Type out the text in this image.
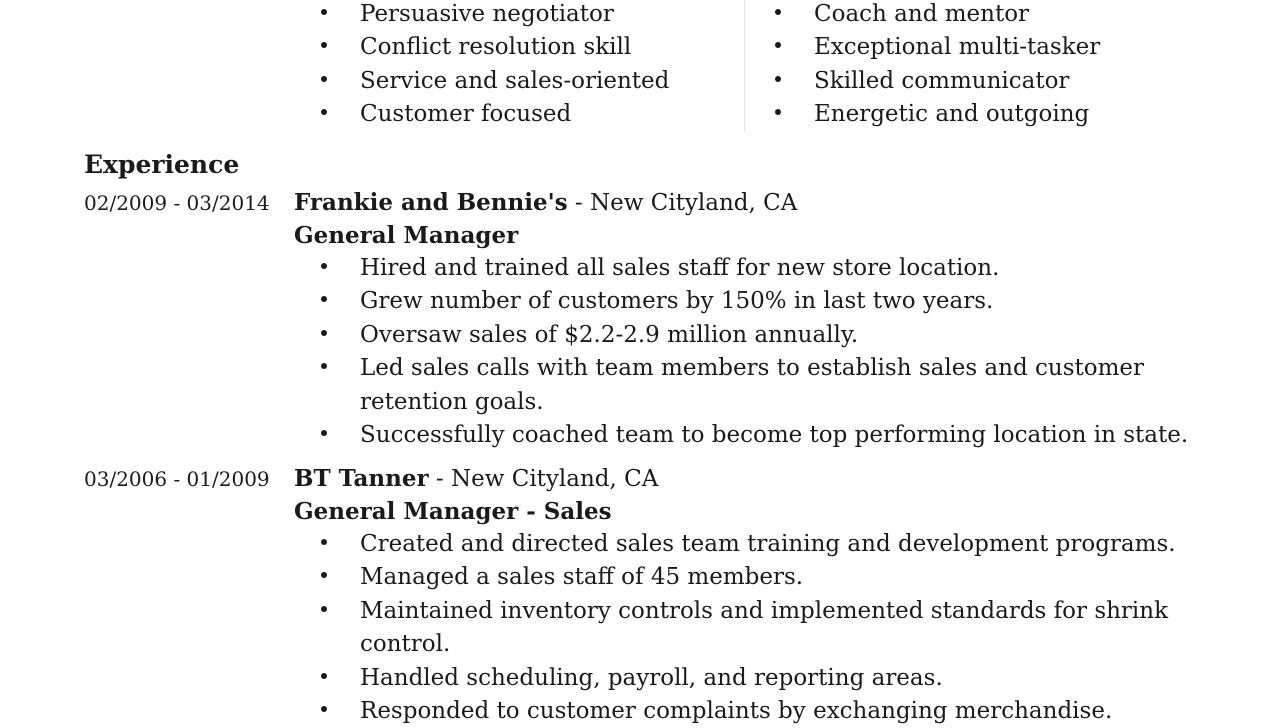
Persuasive negotiator
Conflict resolution skill
Service and sales-oriented
Customer focused
Coach and mentor
Exceptional multi-tasker
Skilled communicator
Energetic and outgoing
Experience
02/2009 - 03/2014 Frankie and Bennie's - New Cityland, CA
General Manager
Hired and trained all sales staff for new store location.
Grew number of customers by 150% in last two years.
Oversaw sales of $2.2-2.9 million annually.
Led sales calls with team members to establish sales and customer retention goals.
Successfully coached team to become top performing location in state.
03/2006 - 01/2009 BT Tanner - New Cityland, CA
General Manager - Sales
Created and directed sales team training and development programs.
Managed a sales staff of 45 members.
Maintained inventory controls and implemented standards for shrink control.
Handled scheduling, payroll, and reporting areas.
Responded to customer complaints by exchanging merchandise.
